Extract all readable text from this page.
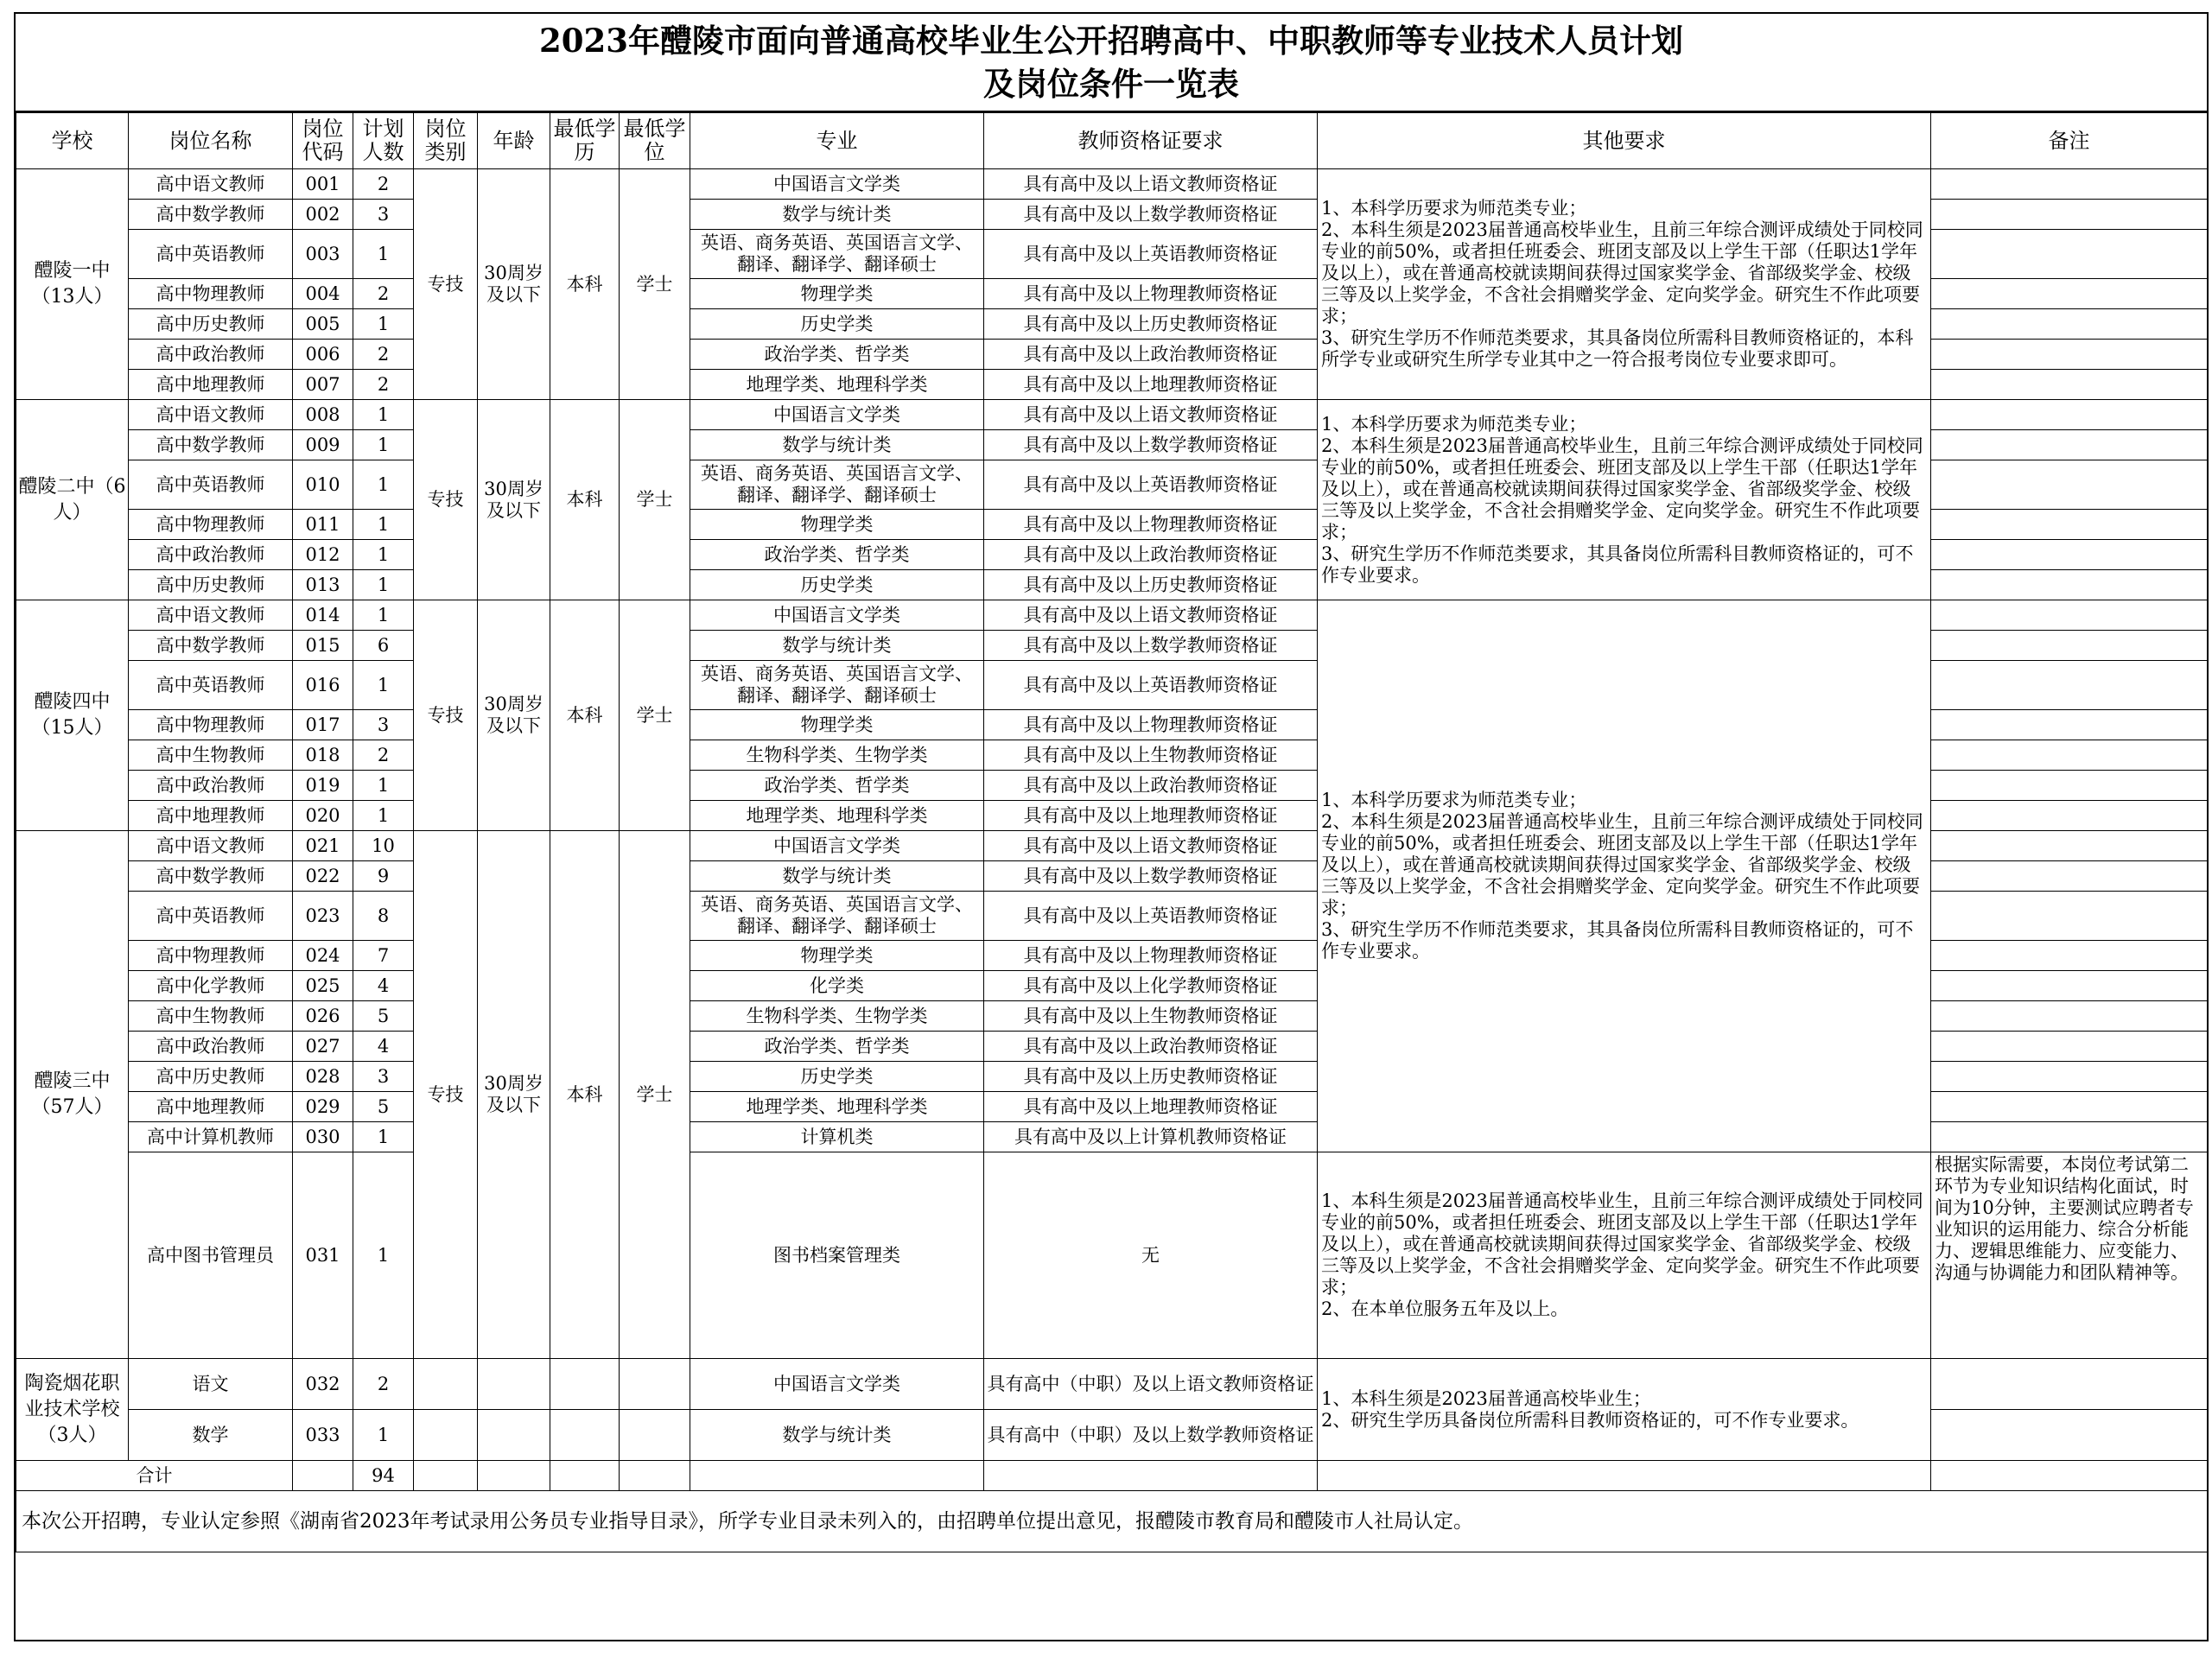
2023年醴陵市面向普通高校毕业生公开招聘高中、中职教师等专业技术人员计划
及岗位条件一览表
学校	岗位名称	岗位代码	计划人数	岗位类别	年龄	最低学历	最低学位	专业	教师资格证要求	其他要求	备注
醴陵一中（13人）	高中语文教师	001	2	专技	30周岁及以下	本科	学士	中国语言文学类	具有高中及以上语文教师资格证	1、本科学历要求为师范类专业；
2、本科生须是2023届普通高校毕业生，且前三年综合测评成绩处于同校同专业的前50%，或者担任班委会、班团支部及以上学生干部（任职达1学年及以上），或在普通高校就读期间获得过国家奖学金、省部级奖学金、校级三等及以上奖学金，不含社会捐赠奖学金、定向奖学金。研究生不作此项要求；
3、研究生学历不作师范类要求，其具备岗位所需科目教师资格证的，本科所学专业或研究生所学专业其中之一符合报考岗位专业要求即可。	
	高中数学教师	002	3					数学与统计类	具有高中及以上数学教师资格证		
	高中英语教师	003	1					英语、商务英语、英国语言文学、翻译、翻译学、翻译硕士	具有高中及以上英语教师资格证		
	高中物理教师	004	2					物理学类	具有高中及以上物理教师资格证		
	高中历史教师	005	1					历史学类	具有高中及以上历史教师资格证		
	高中政治教师	006	2					政治学类、哲学类	具有高中及以上政治教师资格证		
	高中地理教师	007	2					地理学类、地理科学类	具有高中及以上地理教师资格证		
醴陵二中（6人）	高中语文教师	008	1	专技	30周岁及以下	本科	学士	中国语言文学类	具有高中及以上语文教师资格证	1、本科学历要求为师范类专业；
2、本科生须是2023届普通高校毕业生，且前三年综合测评成绩处于同校同专业的前50%，或者担任班委会、班团支部及以上学生干部（任职达1学年及以上），或在普通高校就读期间获得过国家奖学金、省部级奖学金、校级三等及以上奖学金，不含社会捐赠奖学金、定向奖学金。研究生不作此项要求；
3、研究生学历不作师范类要求，其具备岗位所需科目教师资格证的，可不作专业要求。	
	高中数学教师	009	1					数学与统计类	具有高中及以上数学教师资格证		
	高中英语教师	010	1					英语、商务英语、英国语言文学、翻译、翻译学、翻译硕士	具有高中及以上英语教师资格证		
	高中物理教师	011	1					物理学类	具有高中及以上物理教师资格证		
	高中政治教师	012	1					政治学类、哲学类	具有高中及以上政治教师资格证		
	高中历史教师	013	1					历史学类	具有高中及以上历史教师资格证		
醴陵四中（15人）	高中语文教师	014	1	专技	30周岁及以下	本科	学士	中国语言文学类	具有高中及以上语文教师资格证	1、本科学历要求为师范类专业；
2、本科生须是2023届普通高校毕业生，且前三年综合测评成绩处于同校同专业的前50%，或者担任班委会、班团支部及以上学生干部（任职达1学年及以上），或在普通高校就读期间获得过国家奖学金、省部级奖学金、校级三等及以上奖学金，不含社会捐赠奖学金、定向奖学金。研究生不作此项要求；
3、研究生学历不作师范类要求，其具备岗位所需科目教师资格证的，可不作专业要求。	
	高中数学教师	015	6					数学与统计类	具有高中及以上数学教师资格证		
	高中英语教师	016	1					英语、商务英语、英国语言文学、翻译、翻译学、翻译硕士	具有高中及以上英语教师资格证		
	高中物理教师	017	3					物理学类	具有高中及以上物理教师资格证		
	高中生物教师	018	2					生物科学类、生物学类	具有高中及以上生物教师资格证		
	高中政治教师	019	1					政治学类、哲学类	具有高中及以上政治教师资格证		
	高中地理教师	020	1					地理学类、地理科学类	具有高中及以上地理教师资格证		
醴陵三中（57人）	高中语文教师	021	10	专技	30周岁及以下	本科	学士	中国语言文学类	具有高中及以上语文教师资格证		
	高中数学教师	022	9					数学与统计类	具有高中及以上数学教师资格证		
	高中英语教师	023	8					英语、商务英语、英国语言文学、翻译、翻译学、翻译硕士	具有高中及以上英语教师资格证		
	高中物理教师	024	7					物理学类	具有高中及以上物理教师资格证		
	高中化学教师	025	4					化学类	具有高中及以上化学教师资格证		
	高中生物教师	026	5					生物科学类、生物学类	具有高中及以上生物教师资格证		
	高中政治教师	027	4					政治学类、哲学类	具有高中及以上政治教师资格证		
	高中历史教师	028	3					历史学类	具有高中及以上历史教师资格证		
	高中地理教师	029	5					地理学类、地理科学类	具有高中及以上地理教师资格证		
	高中计算机教师	030	1					计算机类	具有高中及以上计算机教师资格证		
	高中图书管理员	031	1					图书档案管理类	无	1、本科生须是2023届普通高校毕业生，且前三年综合测评成绩处于同校同专业的前50%，或者担任班委会、班团支部及以上学生干部（任职达1学年及以上），或在普通高校就读期间获得过国家奖学金、省部级奖学金、校级三等及以上奖学金，不含社会捐赠奖学金、定向奖学金。研究生不作此项要求；
2、在本单位服务五年及以上。	根据实际需要，本岗位考试第二环节为专业知识结构化面试，时间为10分钟，主要测试应聘者专业知识的运用能力、综合分析能力、逻辑思维能力、应变能力、沟通与协调能力和团队精神等。
陶瓷烟花职业技术学校（3人）	语文	032	2					中国语言文学类	具有高中（中职）及以上语文教师资格证	1、本科生须是2023届普通高校毕业生；
2、研究生学历具备岗位所需科目教师资格证的，可不作专业要求。	
	数学	033	1					数学与统计类	具有高中（中职）及以上数学教师资格证		
合计			94								
本次公开招聘，专业认定参照《湖南省2023年考试录用公务员专业指导目录》，所学专业目录未列入的，由招聘单位提出意见，报醴陵市教育局和醴陵市人社局认定。											
